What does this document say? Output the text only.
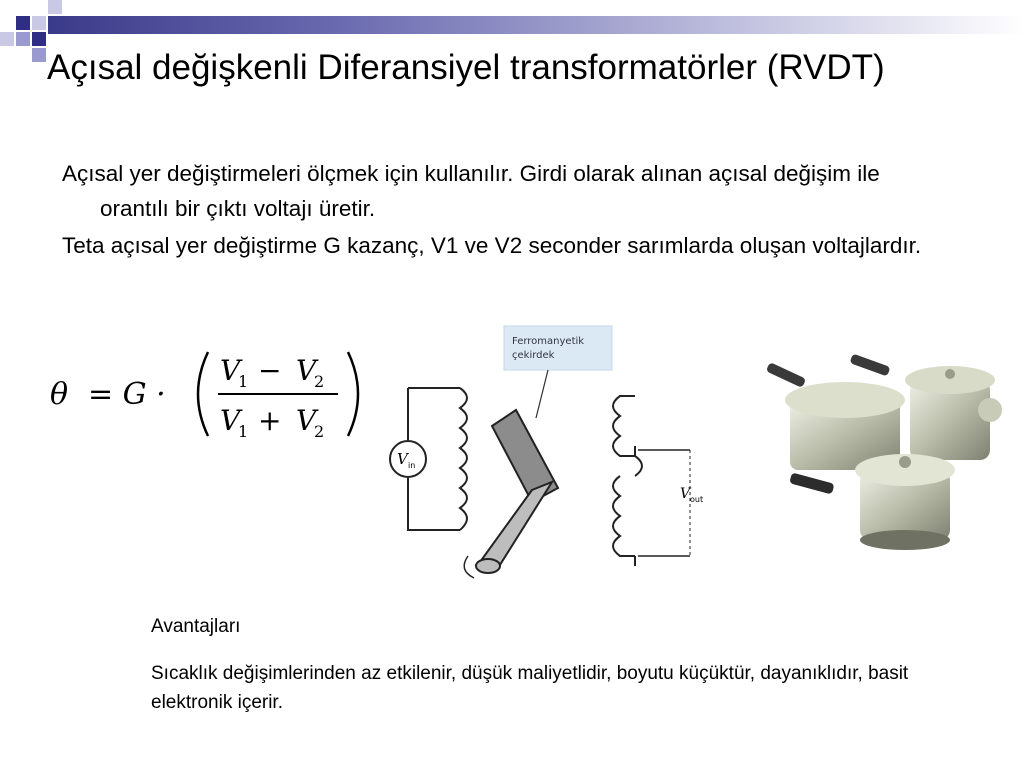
Açısal değişkenli Diferansiyel transformatörler (RVDT)

Açısal yer değiştirmeleri ölçmek için kullanılır. Girdi olarak alınan açısal değişim ile orantılı bir çıktı voltajı üretir.

Teta açısal yer değiştirme G kazanç, V1 ve V2 seconder sarımlarda oluşan voltajlardır.

θ = G ·
V
1 − V
2
V
1 + V
2
Ferromanyetik
çekirdek
V in
V out
Avantajları
Sıcaklık değişimlerinden az etkilenir, düşük maliyetlidir, boyutu küçüktür, dayanıklıdır, basit elektronik içerir.
